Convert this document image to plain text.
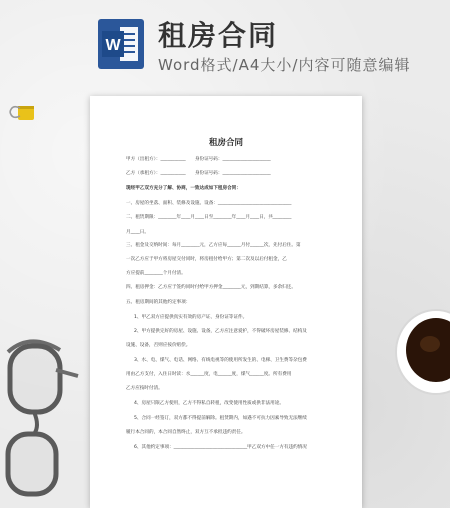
W 租房合同
Word格式/A4大小/内容可随意编辑
租房合同
甲方（出租方）：___________　　身份证号码：_____________________
乙方（承租方）：___________　　身份证号码：_____________________
现经甲乙双方充分了解、协商，一致达成如下租房合同：
一、房屋的坐落、面积、装修及设施、设备：________________________________
二、租赁期限：________年____月____日至________年____月____日，共________
月____日。
三、租金及交纳时间：每月________元，乙方应每______月付______次，先付后住。第
一次乙方应于甲方将房屋交付同时，将房租付给甲方；第二次及以后付租金，乙
方应提前________个月付清。
四、租房押金：乙方应于签约同时付给甲方押金________元，到期结算，多余归还。
五、租房期间的其他约定事项：
1、甲乙双方应提供真实有效的房产证、身份证等证件。
2、甲方提供完好的房屋、设施、设备，乙方应注意爱护，不得破坏房屋装修、结构及
设施、设备，否则应按价赔偿。
3、水、电、煤气、电话、网络、有线电视等的使用所发生的、电梯、卫生费等杂包费
用由乙方支付，入住日时读：水______度，电______度，煤气______度。所有费用
乙方应按时付清。
4、房屋只限乙方使用，乙方不得私自转租，改变使用性质或供非法用途。
5、合同一经签订，双方都不得提前解除。租赁期内，如遇不可抗力因素导致无法继续
履行本合同的，本合同自然终止，双方互不承担违约责任。
6、其他约定事项：________________________________甲乙双方中任一方有违约情况
